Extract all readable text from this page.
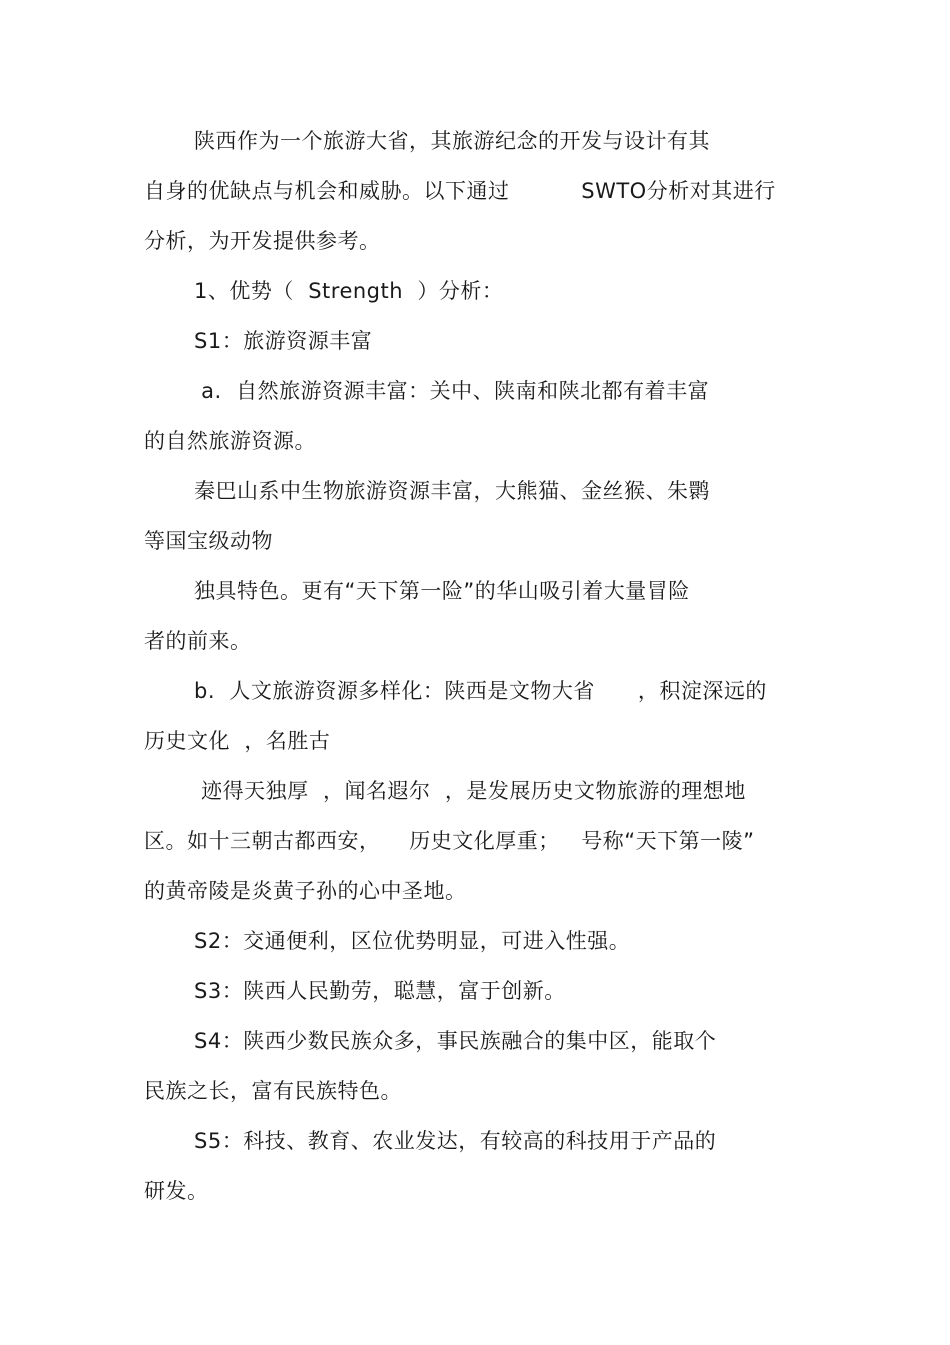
陕西作为一个旅游大省，其旅游纪念的开发与设计有其
自身的优缺点与机会和威胁。以下通过          SWTO分析对其进行
分析，为开发提供参考。
1、优势（  Strength  ）分析：
S1：旅游资源丰富
a.  自然旅游资源丰富：关中、陕南和陕北都有着丰富
的自然旅游资源。
秦巴山系中生物旅游资源丰富，大熊猫、金丝猴、朱鹮
等国宝级动物
独具特色。更有“天下第一险”的华山吸引着大量冒险
者的前来。
b.  人文旅游资源多样化：陕西是文物大省      ，积淀深远的
历史文化  ，名胜古
迹得天独厚  ，闻名遐尔  ，是发展历史文物旅游的理想地
区。如十三朝古都西安，    历史文化厚重；   号称“天下第一陵”
的黄帝陵是炎黄子孙的心中圣地。
S2：交通便利，区位优势明显，可进入性强。
S3：陕西人民勤劳，聪慧，富于创新。
S4：陕西少数民族众多，事民族融合的集中区，能取个
民族之长，富有民族特色。
S5：科技、教育、农业发达，有较高的科技用于产品的
研发。
